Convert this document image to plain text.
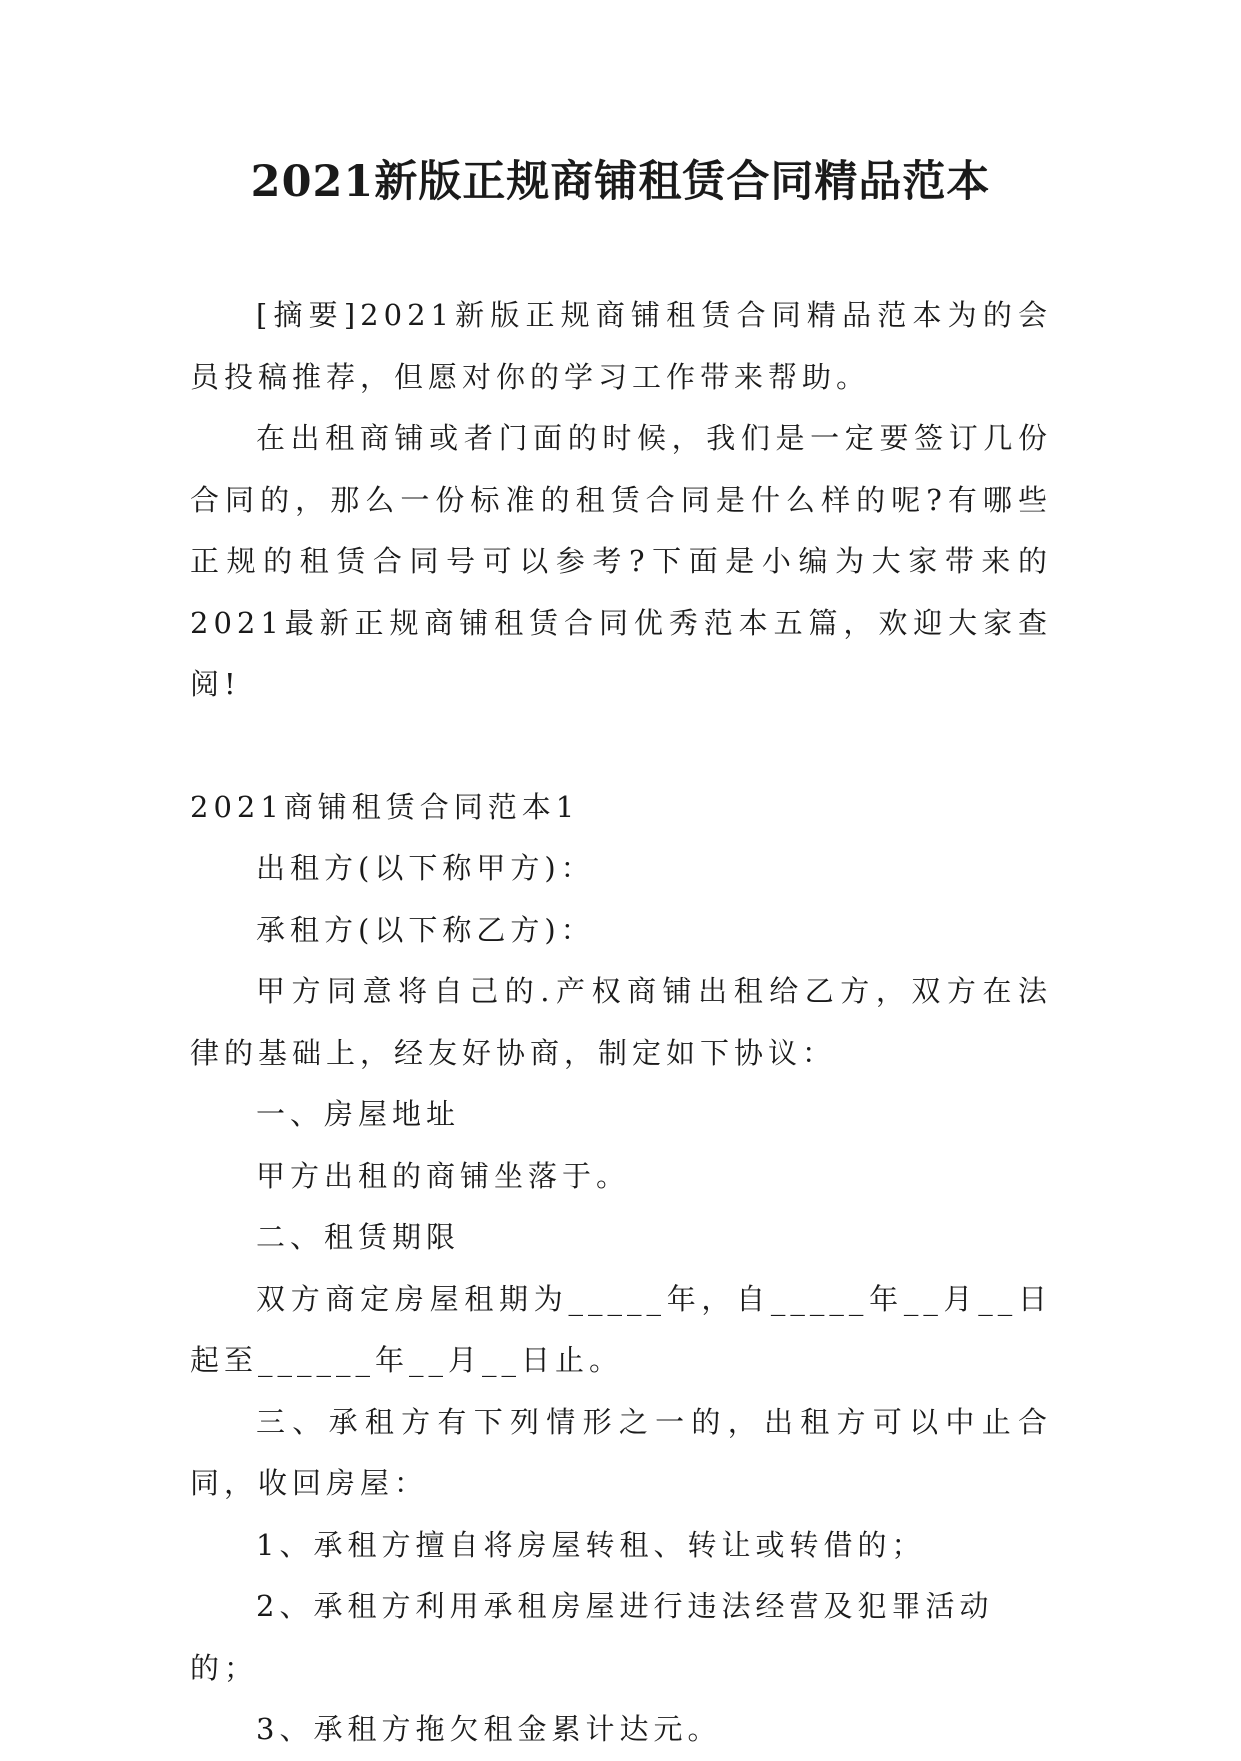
2021新版正规商铺租赁合同精品范本

[摘要]2021新版正规商铺租赁合同精品范本为的会员投稿推荐，但愿对你的学习工作带来帮助。

在出租商铺或者门面的时候，我们是一定要签订几份合同的，那么一份标准的租赁合同是什么样的呢?有哪些正规的租赁合同号可以参考?下面是小编为大家带来的2021最新正规商铺租赁合同优秀范本五篇，欢迎大家查阅!

2021商铺租赁合同范本1

出租方(以下称甲方)：

承租方(以下称乙方)：

甲方同意将自己的.产权商铺出租给乙方，双方在法律的基础上，经友好协商，制定如下协议：

一、房屋地址

甲方出租的商铺坐落于。

二、租赁期限

双方商定房屋租期为_____年，自_____年__月__日起至______年__月__日止。

三、承租方有下列情形之一的，出租方可以中止合同，收回房屋：

1、承租方擅自将房屋转租、转让或转借的；

2、承租方利用承租房屋进行违法经营及犯罪活动的；

3、承租方拖欠租金累计达元。
